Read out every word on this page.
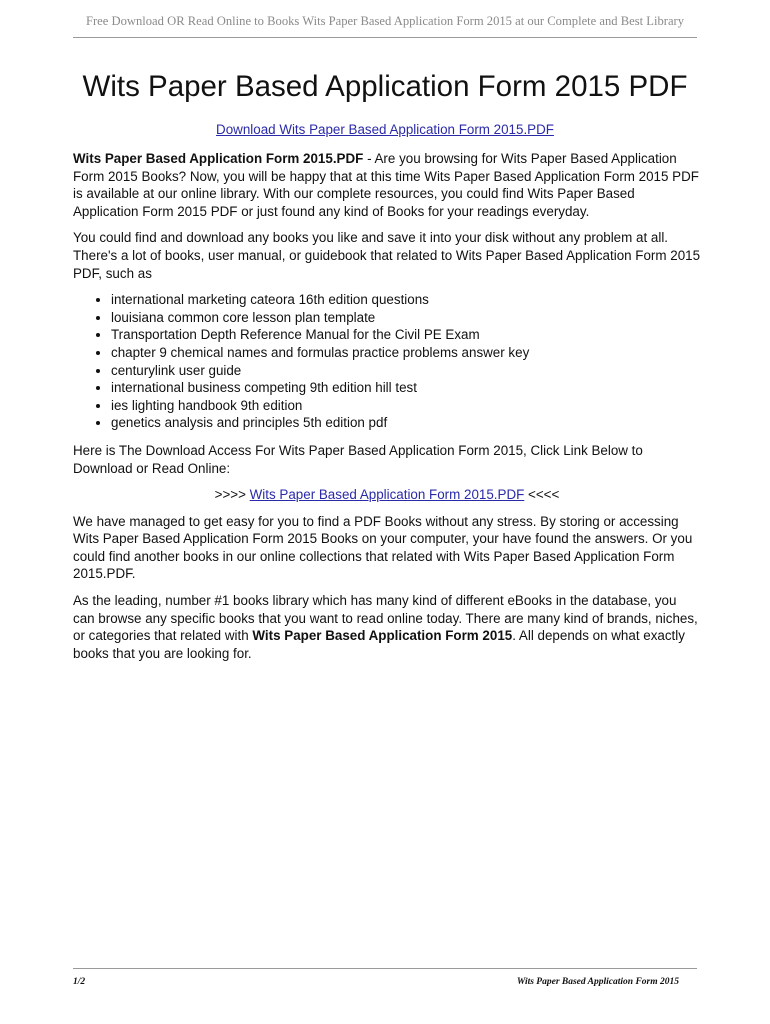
Free Download OR Read Online to Books Wits Paper Based Application Form 2015 at our Complete and Best Library
Wits Paper Based Application Form 2015 PDF
Download Wits Paper Based Application Form 2015.PDF

Wits Paper Based Application Form 2015.PDF - Are you browsing for Wits Paper Based Application Form 2015 Books? Now, you will be happy that at this time Wits Paper Based Application Form 2015 PDF is available at our online library. With our complete resources, you could find Wits Paper Based Application Form 2015 PDF or just found any kind of Books for your readings everyday.

You could find and download any books you like and save it into your disk without any problem at all. There's a lot of books, user manual, or guidebook that related to Wits Paper Based Application Form 2015 PDF, such as

• international marketing cateora 16th edition questions
• louisiana common core lesson plan template
• Transportation Depth Reference Manual for the Civil PE Exam
• chapter 9 chemical names and formulas practice problems answer key
• centurylink user guide
• international business competing 9th edition hill test
• ies lighting handbook 9th edition
• genetics analysis and principles 5th edition pdf

Here is The Download Access For Wits Paper Based Application Form 2015, Click Link Below to Download or Read Online:

>>>> Wits Paper Based Application Form 2015.PDF <<<<

We have managed to get easy for you to find a PDF Books without any stress. By storing or accessing Wits Paper Based Application Form 2015 Books on your computer, your have found the answers. Or you could find another books in our online collections that related with Wits Paper Based Application Form 2015.PDF.

As the leading, number #1 books library which has many kind of different eBooks in the database, you can browse any specific books that you want to read online today. There are many kind of brands, niches, or categories that related with Wits Paper Based Application Form 2015. All depends on what exactly books that you are looking for.

1/2	Wits Paper Based Application Form 2015
